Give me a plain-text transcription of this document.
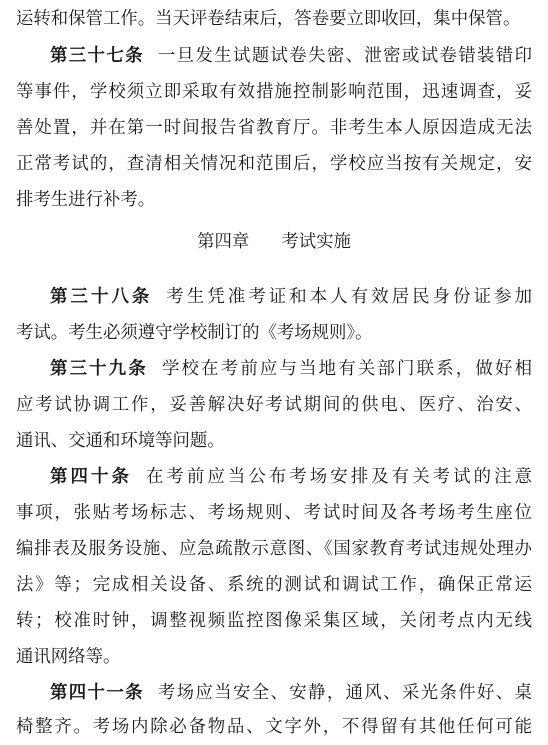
运转和保管工作。当天评卷结束后，答卷要立即收回，集中保管。
第三十七条 一旦发生试题试卷失密、泄密或试卷错装错印
等事件，学校须立即采取有效措施控制影响范围，迅速调查，妥
善处置，并在第一时间报告省教育厅。非考生本人原因造成无法
正常考试的，查清相关情况和范围后，学校应当按有关规定，安
排考生进行补考。
第四章 考试实施
第三十八条 考生凭准考证和本人有效居民身份证参加
考试。考生必须遵守学校制订的《考场规则》。
第三十九条 学校在考前应与当地有关部门联系，做好相
应考试协调工作，妥善解决好考试期间的供电、医疗、治安、
通讯、交通和环境等问题。
第四十条 在考前应当公布考场安排及有关考试的注意
事项，张贴考场标志、考场规则、考试时间及各考场考生座位
编排表及服务设施、应急疏散示意图、《国家教育考试违规处理办
法》等；完成相关设备、系统的测试和调试工作，确保正常运
转；校准时钟，调整视频监控图像采集区域，关闭考点内无线
通讯网络等。
第四十一条 考场应当安全、安静，通风、采光条件好、桌
椅整齐。考场内除必备物品、文字外，不得留有其他任何可能
